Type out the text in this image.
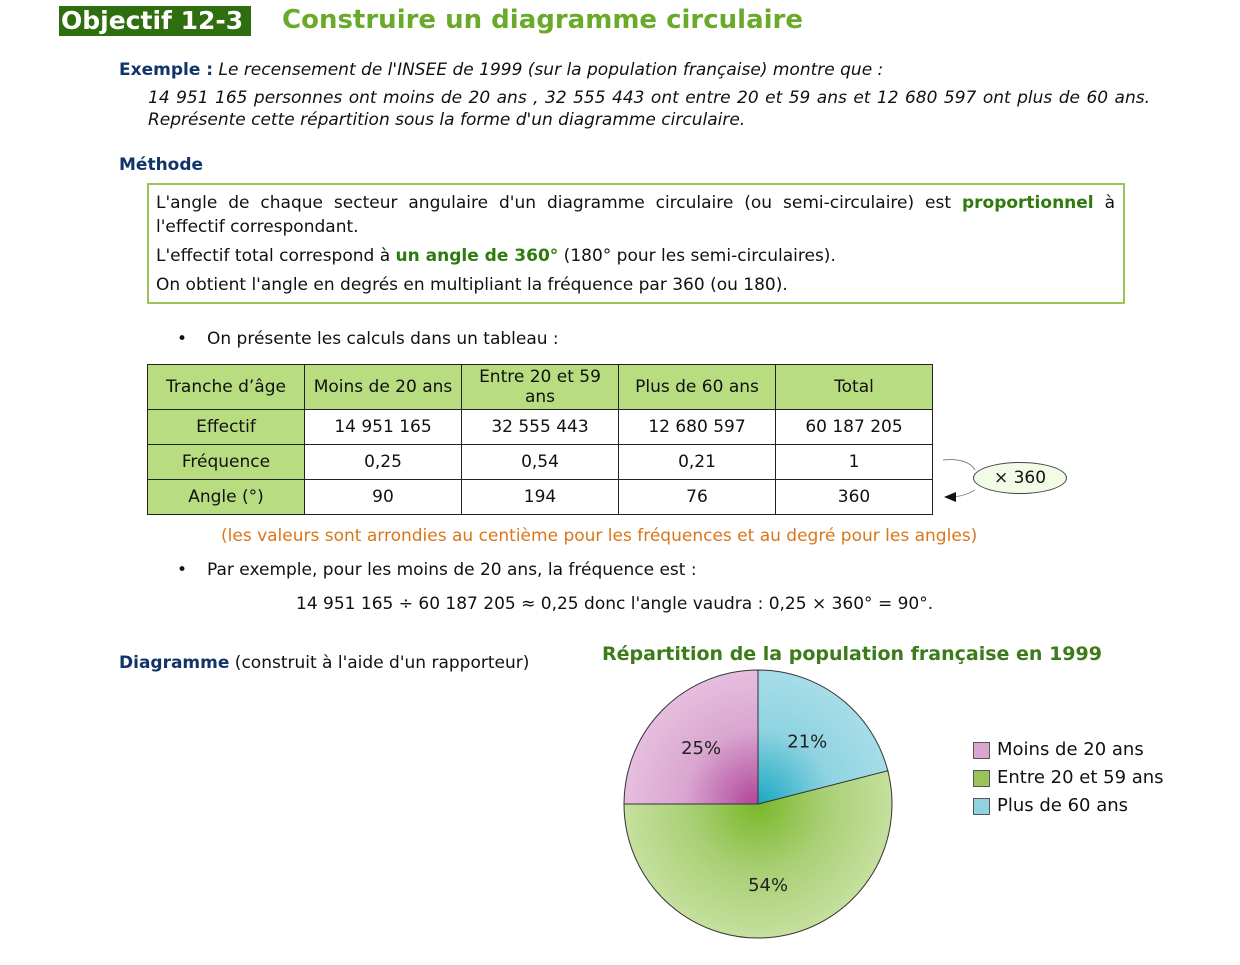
Objectif 12-3	Construire un diagramme circulaire
Exemple : Le recensement de l'INSEE de 1999 (sur la population française) montre que :
14 951 165 personnes ont moins de 20 ans , 32 555 443 ont entre 20 et 59 ans et 12 680 597 ont plus de 60 ans. Représente cette répartition sous la forme d'un diagramme circulaire.
Méthode

L'angle de chaque secteur angulaire d'un diagramme circulaire (ou semi-circulaire) est proportionnel à l'effectif correspondant.

L'effectif total correspond à un angle de 360° (180° pour les semi-circulaires).

On obtient l'angle en degrés en multipliant la fréquence par 360 (ou 180).

• On présente les calculs dans un tableau :
Tranche d’âge	Moins de 20 ans	Entre 20 et 59 ans	Plus de 60 ans	Total
Effectif	14 951 165	32 555 443	12 680 597	60 187 205
Fréquence	0,25	0,54	0,21	1
Angle (°)	90	194	76	360
× 360
(les valeurs sont arrondies au centième pour les fréquences et au degré pour les angles)
• Par exemple, pour les moins de 20 ans, la fréquence est :
14 951 165 ÷ 60 187 205 ≈ 0,25 donc l'angle vaudra : 0,25 × 360° = 90°.
Diagramme (construit à l'aide d'un rapporteur)	Répartition de la population française en 1999
25%
54%
21%	Moins de 20 ans
Entre 20 et 59 ans
Plus de 60 ans
